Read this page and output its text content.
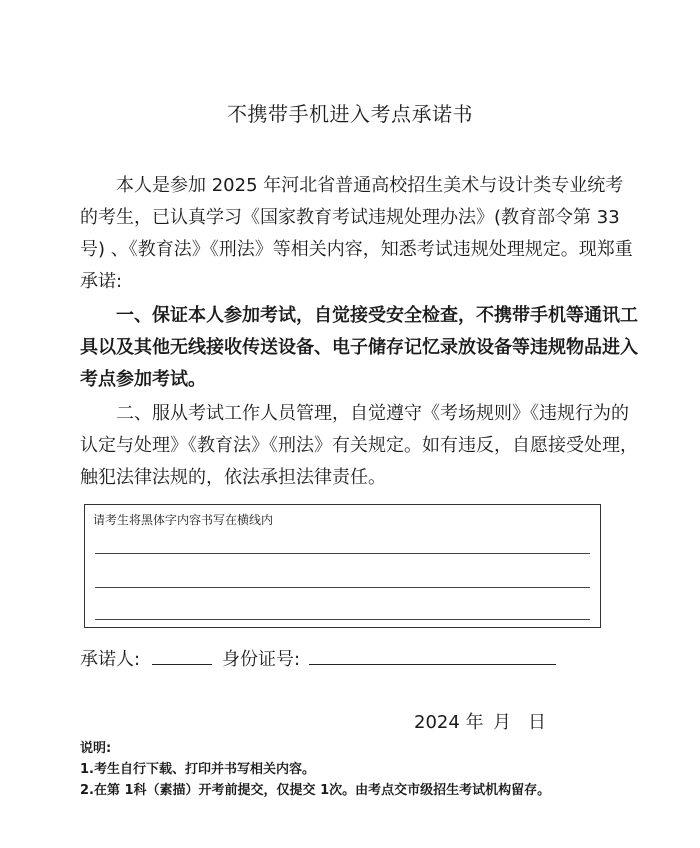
不携带手机进入考点承诺书
本人是参加 2025 年河北省普通高校招生美术与设计类专业统考的考生，已认真学习《国家教育考试违规处理办法》(教育部令第 33 号) 、《教育法》《刑法》等相关内容，知悉考试违规处理规定。现郑重承诺:
一、保证本人参加考试，自觉接受安全检查，不携带手机等通讯工具以及其他无线接收传送设备、电子储存记忆录放设备等违规物品进入考点参加考试。
二、服从考试工作人员管理，自觉遵守《考场规则》《违规行为的认定与处理》《教育法》《刑法》有关规定。如有违反，自愿接受处理，触犯法律法规的，依法承担法律责任。
请考生将黑体字内容书写在横线内
承诺人:	身份证号:
2024 年 月 日
说明:
1.考生自行下载、打印并书写相关内容。
2.在第 1科（素描）开考前提交，仅提交 1次。由考点交市级招生考试机构留存。
